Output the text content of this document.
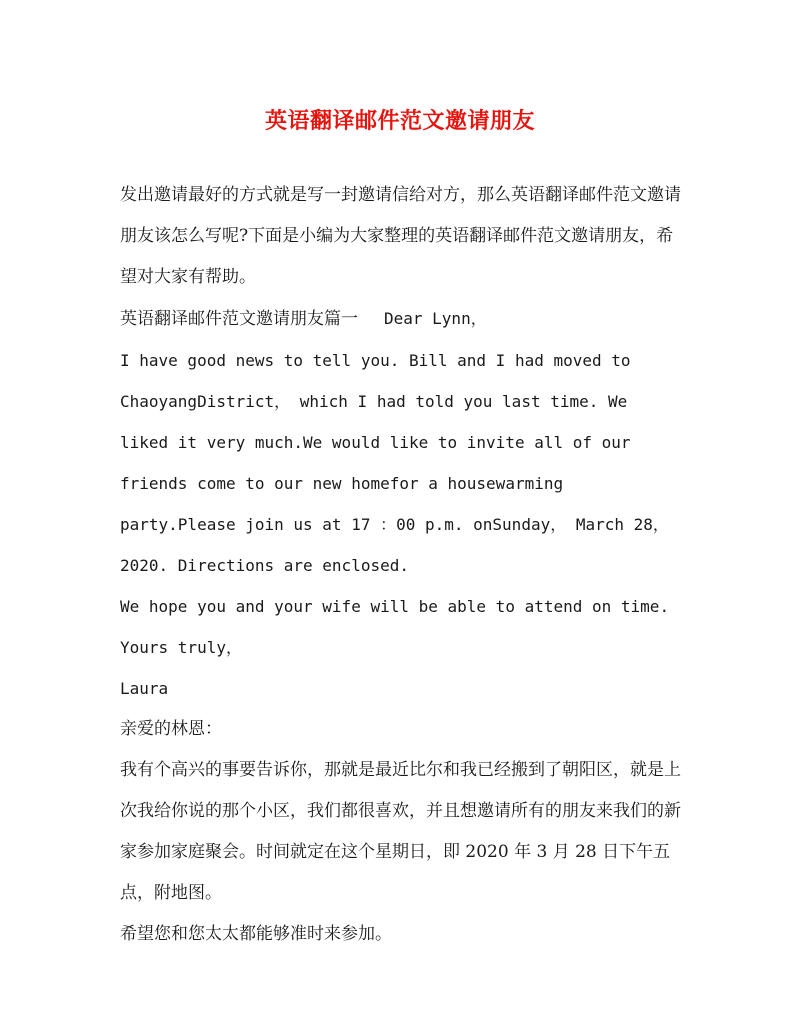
英语翻译邮件范文邀请朋友

发出邀请最好的方式就是写一封邀请信给对方，那么英语翻译邮件范文邀请朋友该怎么写呢?下面是小编为大家整理的英语翻译邮件范文邀请朋友，希望对大家有帮助。

英语翻译邮件范文邀请朋友篇一 Dear Lynn，

I have good news to tell you. Bill and I had moved to ChaoyangDistrict， which I had told you last time. We liked it very much.We would like to invite all of our friends come to our new homefor a housewarming party.Please join us at 17 ：00 p.m. onSunday， March 28， 2020. Directions are enclosed.

We hope you and your wife will be able to attend on time.

Yours truly，

Laura

亲爱的林恩：

我有个高兴的事要告诉你，那就是最近比尔和我已经搬到了朝阳区，就是上次我给你说的那个小区，我们都很喜欢，并且想邀请所有的朋友来我们的新家参加家庭聚会。时间就定在这个星期日，即 2020 年 3 月 28 日下午五点，附地图。

希望您和您太太都能够准时来参加。
